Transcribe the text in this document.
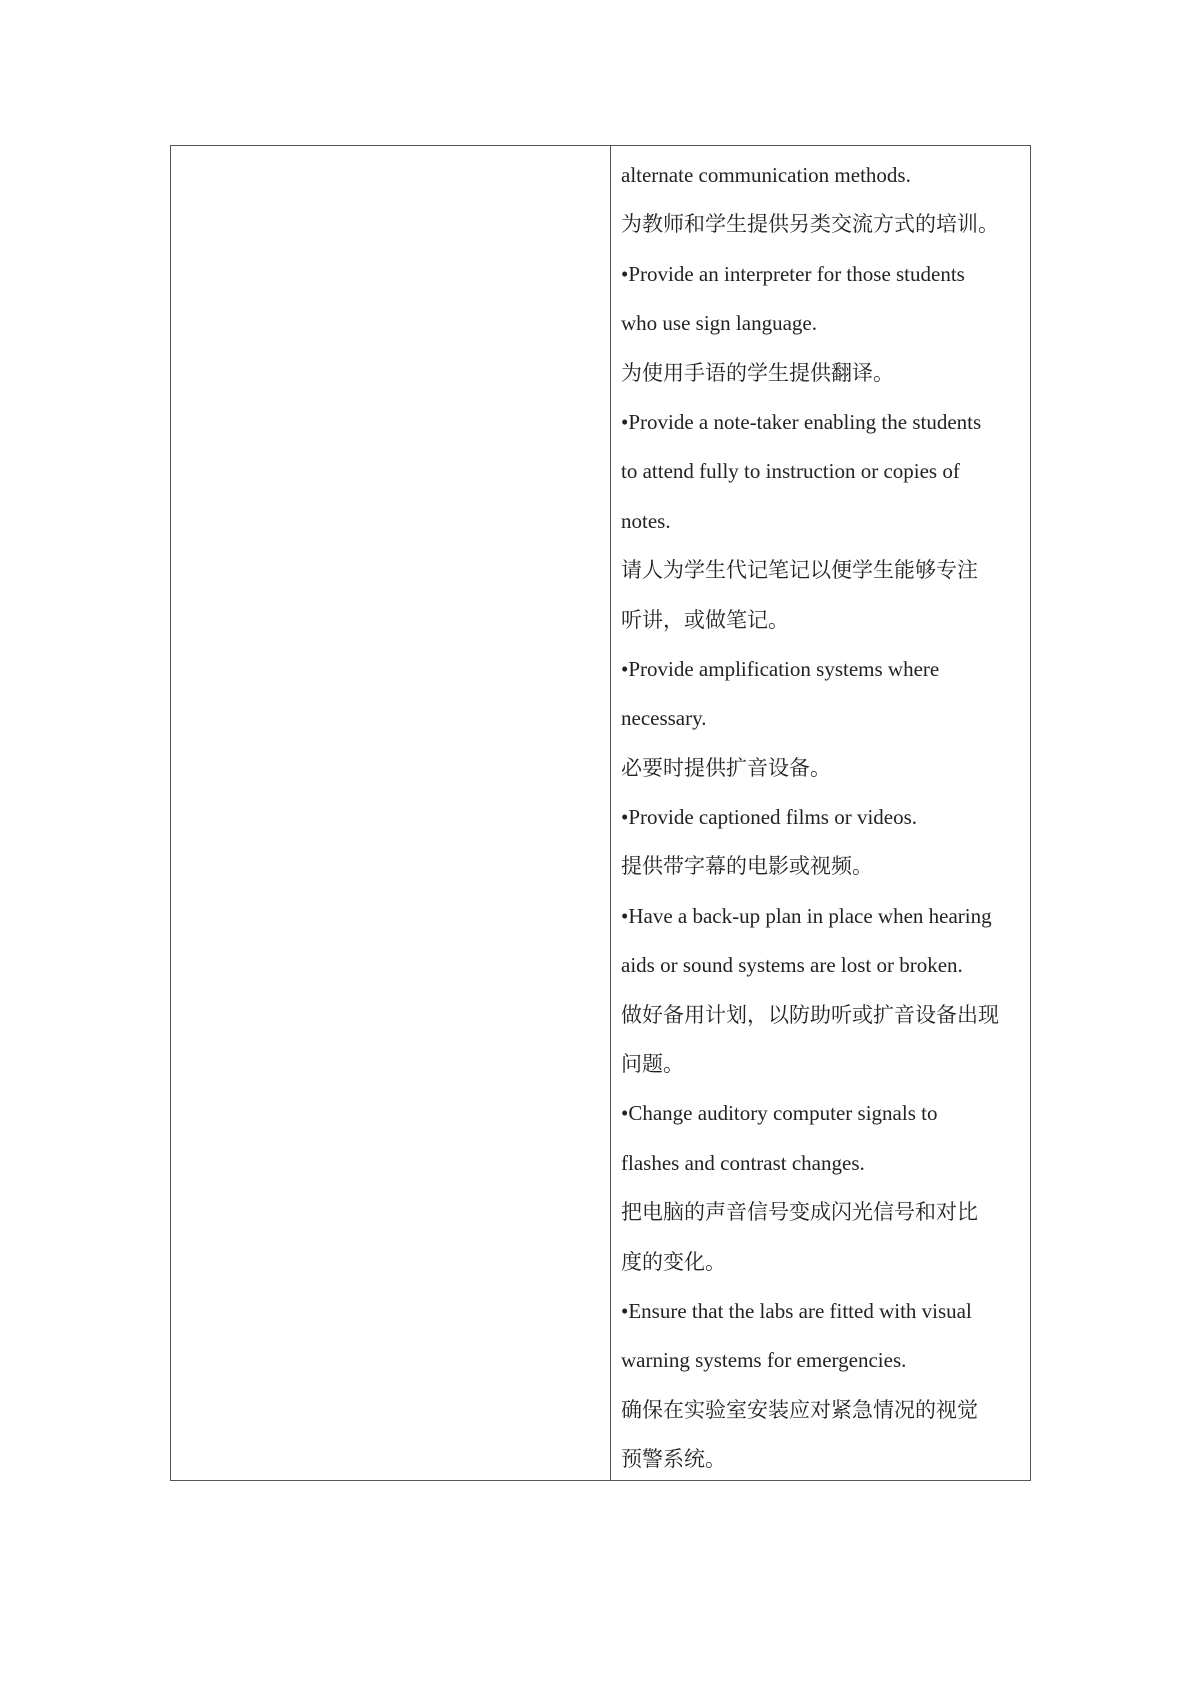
alternate communication methods.
为教师和学生提供另类交流方式的培训。
•Provide an interpreter for those students
who use sign language.
为使用手语的学生提供翻译。
•Provide a note-taker enabling the students
to attend fully to instruction or copies of
notes.
请人为学生代记笔记以便学生能够专注
听讲，或做笔记。
•Provide amplification systems where
necessary.
必要时提供扩音设备。
•Provide captioned films or videos.
提供带字幕的电影或视频。
•Have a back-up plan in place when hearing
aids or sound systems are lost or broken.
做好备用计划，以防助听或扩音设备出现
问题。
•Change auditory computer signals to
flashes and contrast changes.
把电脑的声音信号变成闪光信号和对比
度的变化。
•Ensure that the labs are fitted with visual
warning systems for emergencies.
确保在实验室安装应对紧急情况的视觉
预警系统。
